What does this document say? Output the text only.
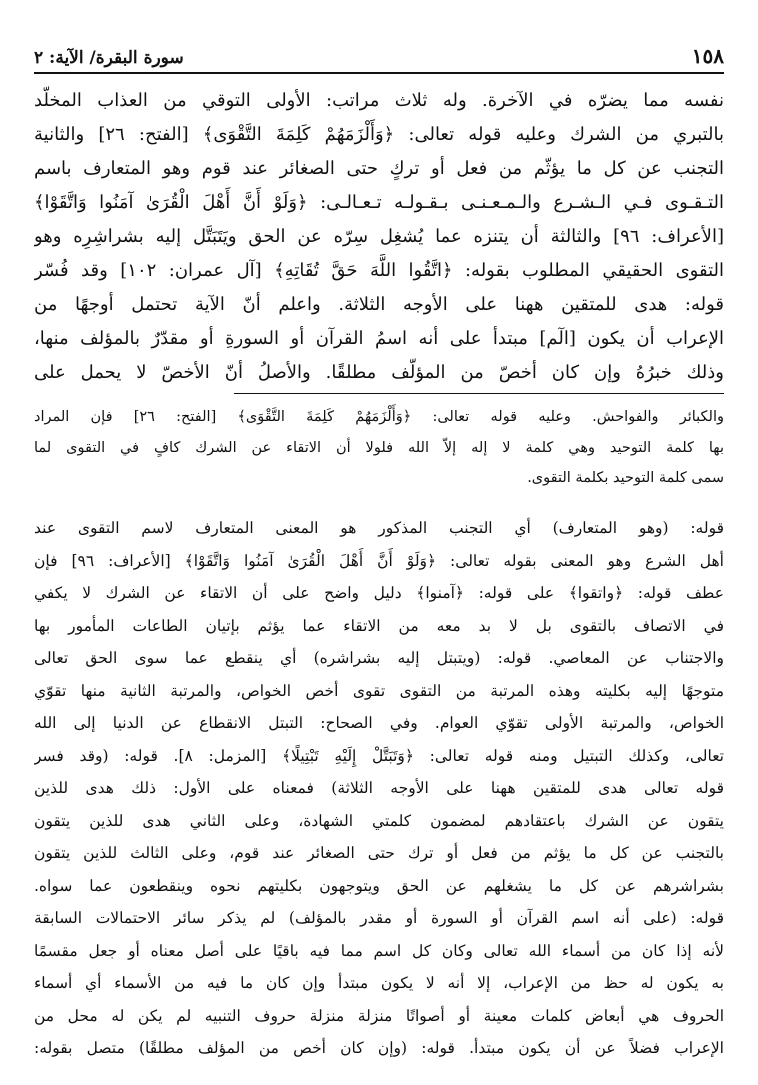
١٥٨
سورة البقرة/ الآية: ٢
نفسه مما يضرّه في الآخرة. وله ثلاث مراتب: الأولى التوقي من العذاب المخلّد
بالتبري من الشرك وعليه قوله تعالى: ﴿وَأَلْزَمَهُمْ كَلِمَةَ التَّقْوَى﴾ [الفتح: ٢٦] والثانية
التجنب عن كل ما يؤثّم من فعل أو تركٍ حتى الصغائر عند قوم وهو المتعارف باسم
التـقـوى فـي الـشـرع والـمـعـنـى بـقـولـه تـعـالـى: ﴿وَلَوْ أَنَّ أَهْلَ الْقُرَىٰ آمَنُوا وَاتَّقَوْا﴾
[الأعراف: ٩٦] والثالثة أن يتنزه عما يُشغِل سِرّه عن الحق ويَتَبَتَّل إليه بشراشِرِه وهو
التقوى الحقيقي المطلوب بقوله: ﴿اتَّقُوا اللَّهَ حَقَّ تُقَاتِهِ﴾ [آل عمران: ١٠٢] وقد فُسّر
قوله: هدى للمتقين ههنا على الأوجه الثلاثة. واعلم أنّ الآية تحتمل أوجهًا من
الإعراب أن يكون [الٓم] مبتدأ على أنه اسمُ القرآن أو السورةِ أو مقدّرٌ بالمؤلف منها،
وذلك خبرُهُ وإن كان أخصّ من المؤلّف مطلقًا. والأصلُ أنّ الأخصّ لا يحمل على
والكبائر والفواحش. وعليه قوله تعالى: ﴿وَأَلْزَمَهُمْ كَلِمَةَ التَّقْوَى﴾ [الفتح: ٢٦] فإن المراد
بها كلمة التوحيد وهي كلمة لا إله إلاّ الله فلولا أن الاتقاء عن الشرك كافٍ في التقوى لما
سمى كلمة التوحيد بكلمة التقوى.
قوله: (وهو المتعارف) أي التجنب المذكور هو المعنى المتعارف لاسم التقوى عند
أهل الشرع وهو المعنى بقوله تعالى: ﴿وَلَوْ أَنَّ أَهْلَ الْقُرَىٰ آمَنُوا وَاتَّقَوْا﴾ [الأعراف: ٩٦] فإن
عطف قوله: ﴿واتقوا﴾ على قوله: ﴿آمنوا﴾ دليل واضح على أن الاتقاء عن الشرك لا يكفي
في الاتصاف بالتقوى بل لا بد معه من الاتقاء عما يؤثم بإتيان الطاعات المأمور بها
والاجتناب عن المعاصي. قوله: (ويتبتل إليه بشراشره) أي ينقطع عما سوى الحق تعالى
متوجهًا إليه بكليته وهذه المرتبة من التقوى تقوى أخص الخواص، والمرتبة الثانية منها تقوّي
الخواص، والمرتبة الأولى تقوّي العوام. وفي الصحاح: التبتل الانقطاع عن الدنيا إلى الله
تعالى، وكذلك التبتيل ومنه قوله تعالى: ﴿وَتَبَتَّلْ إِلَيْهِ تَبْتِيلًا﴾ [المزمل: ٨]. قوله: (وقد فسر
قوله تعالى هدى للمتقين ههنا على الأوجه الثلاثة) فمعناه على الأول: ذلك هدى للذين
يتقون عن الشرك باعتقادهم لمضمون كلمتي الشهادة، وعلى الثاني هدى للذين يتقون
بالتجنب عن كل ما يؤثم من فعل أو ترك حتى الصغائر عند قوم، وعلى الثالث للذين يتقون
بشراشرهم عن كل ما يشغلهم عن الحق ويتوجهون بكليتهم نحوه وينقطعون عما سواه.
قوله: (على أنه اسم القرآن أو السورة أو مقدر بالمؤلف) لم يذكر سائر الاحتمالات السابقة
لأنه إذا كان من أسماء الله تعالى وكان كل اسم مما فيه باقيًا على أصل معناه أو جعل مقسمًا
به يكون له حظ من الإعراب، إلا أنه لا يكون مبتدأ وإن كان ما فيه من الأسماء أي أسماء
الحروف هي أبعاض كلمات معينة أو أصواتًا منزلة منزلة حروف التنبيه لم يكن له محل من
الإعراب فضلاً عن أن يكون مبتدأ. قوله: (وإن كان أخص من المؤلف مطلقًا) متصل بقوله:
